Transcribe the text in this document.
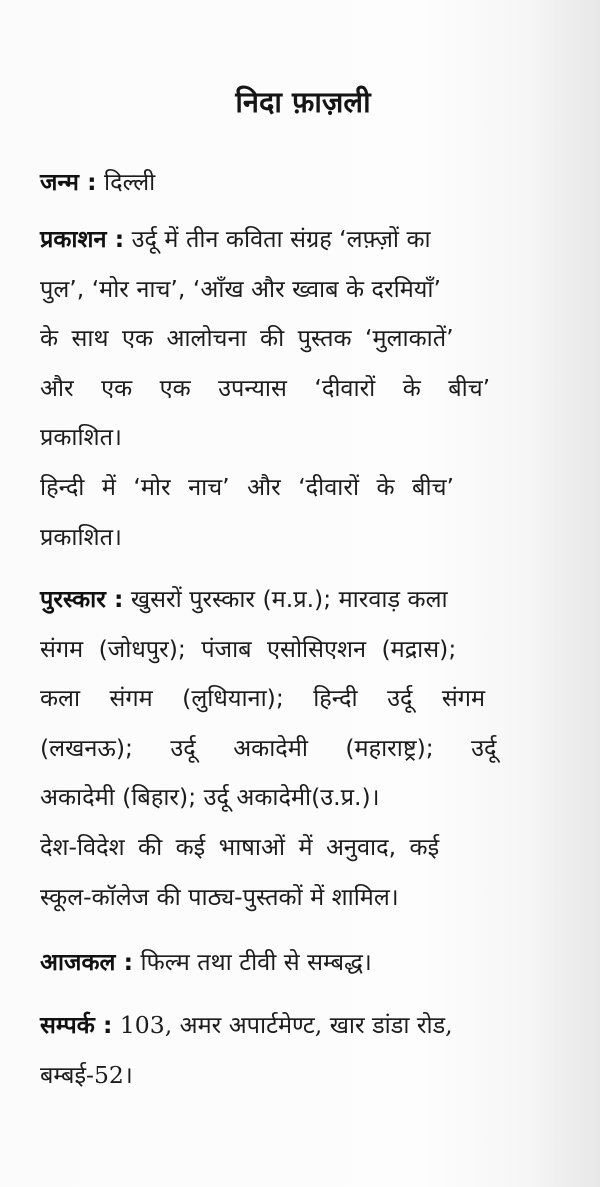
निदा फ़ाज़ली
जन्म : दिल्ली
प्रकाशन : उर्दू में तीन कविता संग्रह ‘लफ़्ज़ों का
पुल’, ‘मोर नाच’, ‘आँख और ख्वाब के दरमियाँ’
के साथ एक आलोचना की पुस्तक ‘मुलाकातें’
और एक एक उपन्यास ‘दीवारों के बीच’
प्रकाशित।
हिन्दी में ‘मोर नाच’ और ‘दीवारों के बीच’
प्रकाशित।
पुरस्कार : खुसरों पुरस्कार (म.प्र.); मारवाड़ कला
संगम (जोधपुर); पंजाब एसोसिएशन (मद्रास);
कला संगम (लुधियाना); हिन्दी उर्दू संगम
(लखनऊ); उर्दू अकादेमी (महाराष्ट्र); उर्दू
अकादेमी (बिहार); उर्दू अकादेमी(उ.प्र.)।
देश-विदेश की कई भाषाओं में अनुवाद, कई
स्कूल-कॉलेज की पाठ्य-पुस्तकों में शामिल।
आजकल : फिल्म तथा टीवी से सम्बद्ध।
सम्पर्क : 103, अमर अपार्टमेण्ट, खार डांडा रोड,
बम्बई-52।
